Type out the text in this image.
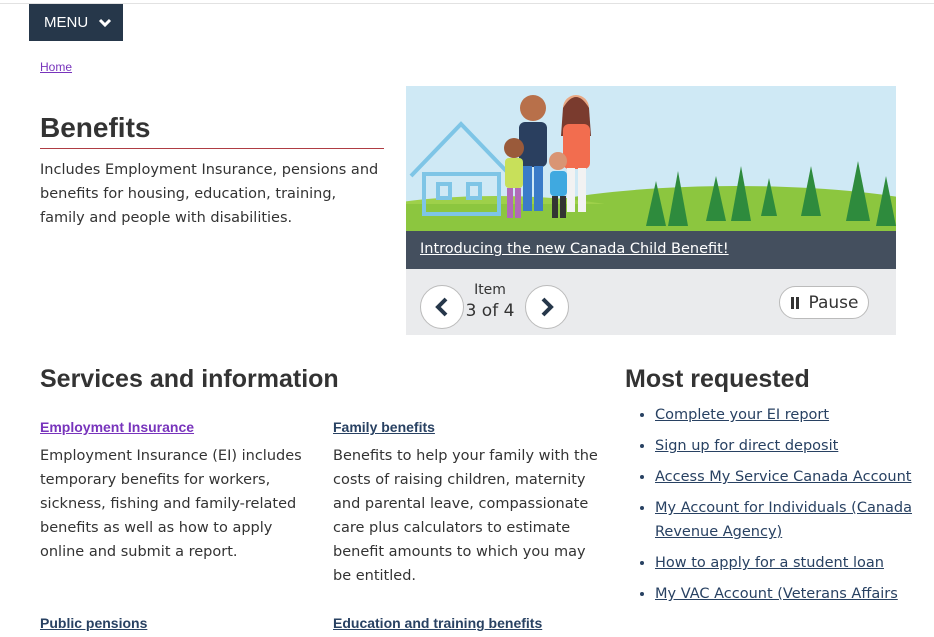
MENU
Home
Benefits

Includes Employment Insurance, pensions and benefits for housing, education, training, family and people with disabilities.

Introducing the new Canada Child Benefit!
Item
3 of 4	Pause
Services and information
Employment Insurance

Employment Insurance (EI) includes temporary benefits for workers, sickness, fishing and family-related benefits as well as how to apply online and submit a report.

Family benefits

Benefits to help your family with the costs of raising children, maternity and parental leave, compassionate care plus calculators to estimate benefit amounts to which you may be entitled.

Public pensions	Education and training benefits
Most requested
• Complete your EI report
• Sign up for direct deposit
• Access My Service Canada Account
• My Account for Individuals (Canada Revenue Agency)
• How to apply for a student loan
• My VAC Account (Veterans Affairs
